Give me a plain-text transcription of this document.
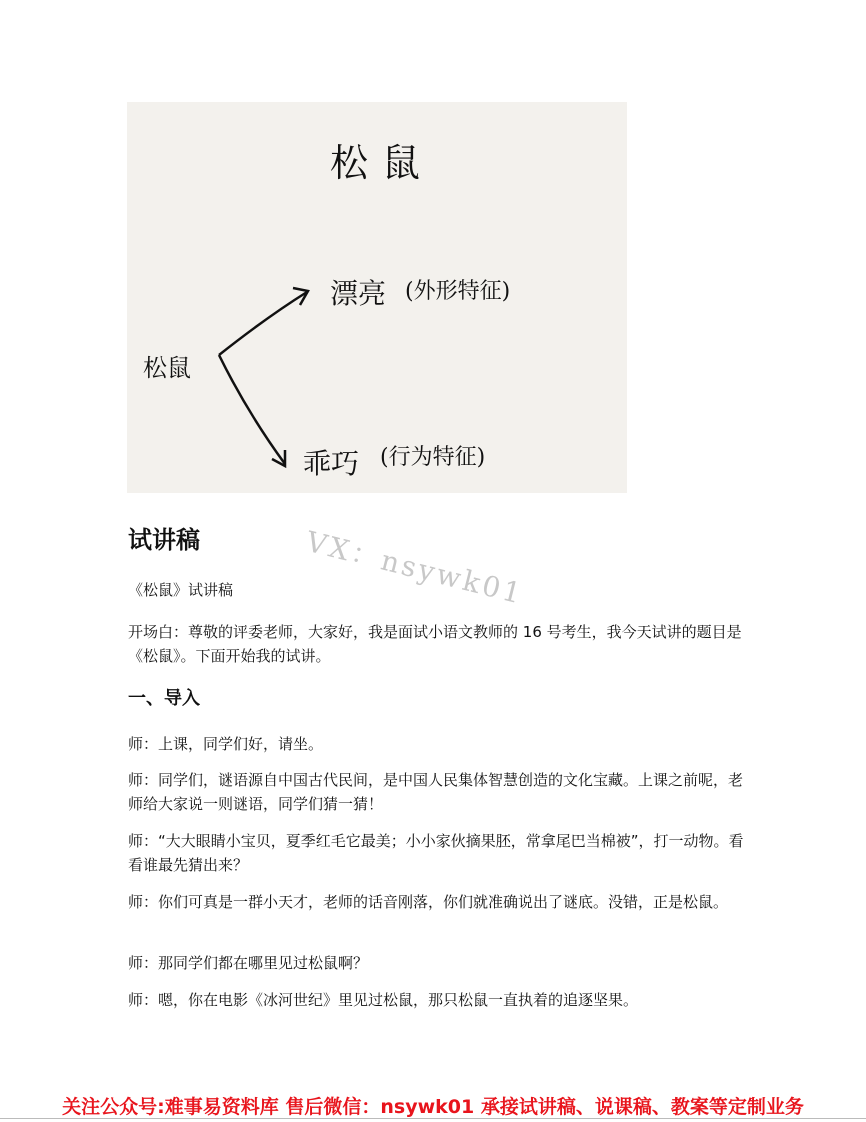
松鼠
松鼠
漂亮 (外形特征)
乖巧 (行为特征)
VX：nsywk01
试讲稿
《松鼠》试讲稿
开场白：尊敬的评委老师，大家好，我是面试小语文教师的 16 号考生，我今天试讲的题目是《松鼠》。下面开始我的试讲。
一、导入
师：上课，同学们好，请坐。
师：同学们，谜语源自中国古代民间，是中国人民集体智慧创造的文化宝藏。上课之前呢，老师给大家说一则谜语，同学们猜一猜！
师：“大大眼睛小宝贝，夏季红毛它最美；小小家伙摘果胚，常拿尾巴当棉被”，打一动物。看看谁最先猜出来？
师：你们可真是一群小天才，老师的话音刚落，你们就准确说出了谜底。没错，正是松鼠。
师：那同学们都在哪里见过松鼠啊？
师：嗯，你在电影《冰河世纪》里见过松鼠，那只松鼠一直执着的追逐坚果。
关注公众号:难事易资料库 售后微信：nsywk01 承接试讲稿、说课稿、教案等定制业务
